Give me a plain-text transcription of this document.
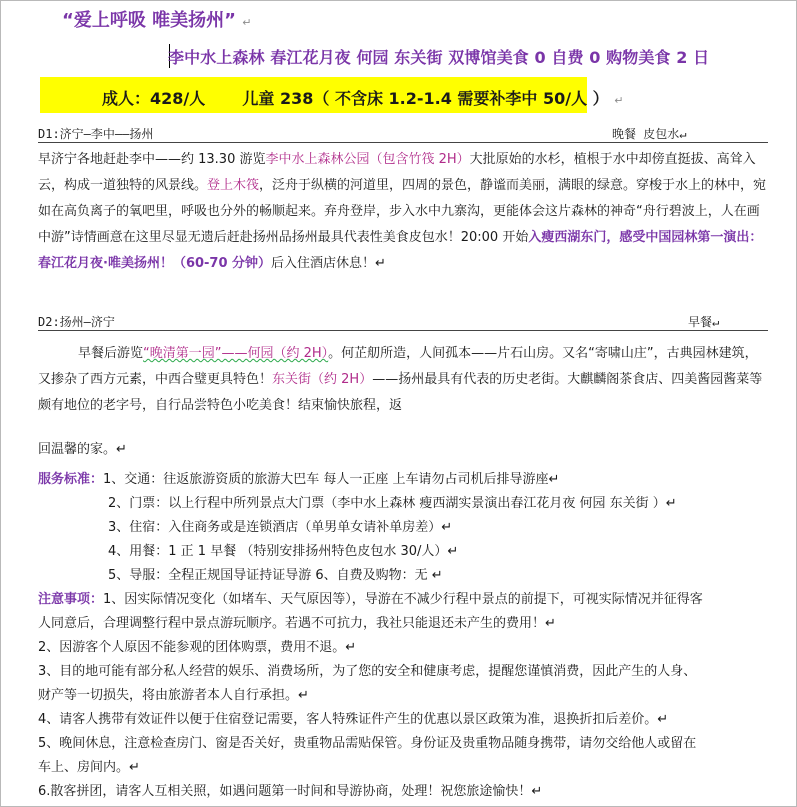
“爱上呼吸 唯美扬州” ↵
李中水上森林 春江花月夜 何园 东关街 双博馆美食 0 自费 0 购物美食 2 日
成人：428/人 儿童 238（ 不含床 1.2-1.4 需要补李中 50/人 ） ↵
D1:济宁—李中——扬州	晚餐 皮包水↵
早济宁各地赶赴李中——约 13.30 游览李中水上森林公园（包含竹筏 2H）大批原始的水杉，植根于水中却傍直挺拔、高耸入云，构成一道独特的风景线。登上木筏，泛舟于纵横的河道里，四周的景色，静谧而美丽，满眼的绿意。穿梭于水上的林中，宛如在高负离子的氧吧里，呼吸也分外的畅顺起来。弃舟登岸，步入水中九寨沟，更能体会这片森林的神奇“舟行碧波上，人在画中游”诗情画意在这里尽显无遗后赶赴扬州品扬州最具代表性美食皮包水！20:00 开始入瘦西湖东门，感受中国园林第一演出：春江花月夜·唯美扬州！（60-70 分钟）后入住酒店休息！↵
D2:扬州—济宁	早餐↵
早餐后游览“晚清第一园”——何园（约 2H）。何芷舠所造，人间孤本——片石山房。又名“寄啸山庄”，古典园林建筑，又掺杂了西方元素，中西合璧更具特色！东关街（约 2H）——扬州最具有代表的历史老街。大麒麟阁茶食店、四美酱园酱菜等颇有地位的老字号，自行品尝特色小吃美食！结束愉快旅程，返
回温馨的家。↵
服务标准：1、交通：往返旅游资质的旅游大巴车 每人一正座 上车请勿占司机后排导游座↵
2、门票：以上行程中所列景点大门票（李中水上森林 瘦西湖实景演出春江花月夜 何园 东关街 ）↵
3、住宿：入住商务或是连锁酒店（单男单女请补单房差）↵
4、用餐：1 正 1 早餐 （特别安排扬州特色皮包水 30/人）↵
5、导服：全程正规国导证持证导游 6、自费及购物：无 ↵
注意事项：1、因实际情况变化（如堵车、天气原因等），导游在不减少行程中景点的前提下，可视实际情况并征得客
人同意后，合理调整行程中景点游玩顺序。若遇不可抗力，我社只能退还未产生的费用！↵
2、因游客个人原因不能参观的团体购票，费用不退。↵
3、目的地可能有部分私人经营的娱乐、消费场所，为了您的安全和健康考虑，提醒您谨慎消费，因此产生的人身、
财产等一切损失，将由旅游者本人自行承担。↵
4、请客人携带有效证件以便于住宿登记需要，客人特殊证件产生的优惠以景区政策为准，退换折扣后差价。↵
5、晚间休息，注意检查房门、窗是否关好，贵重物品需贴保管。身份证及贵重物品随身携带，请勿交给他人或留在
车上、房间内。↵
6.散客拼团，请客人互相关照，如遇问题第一时间和导游协商，处理！祝您旅途愉快！↵
